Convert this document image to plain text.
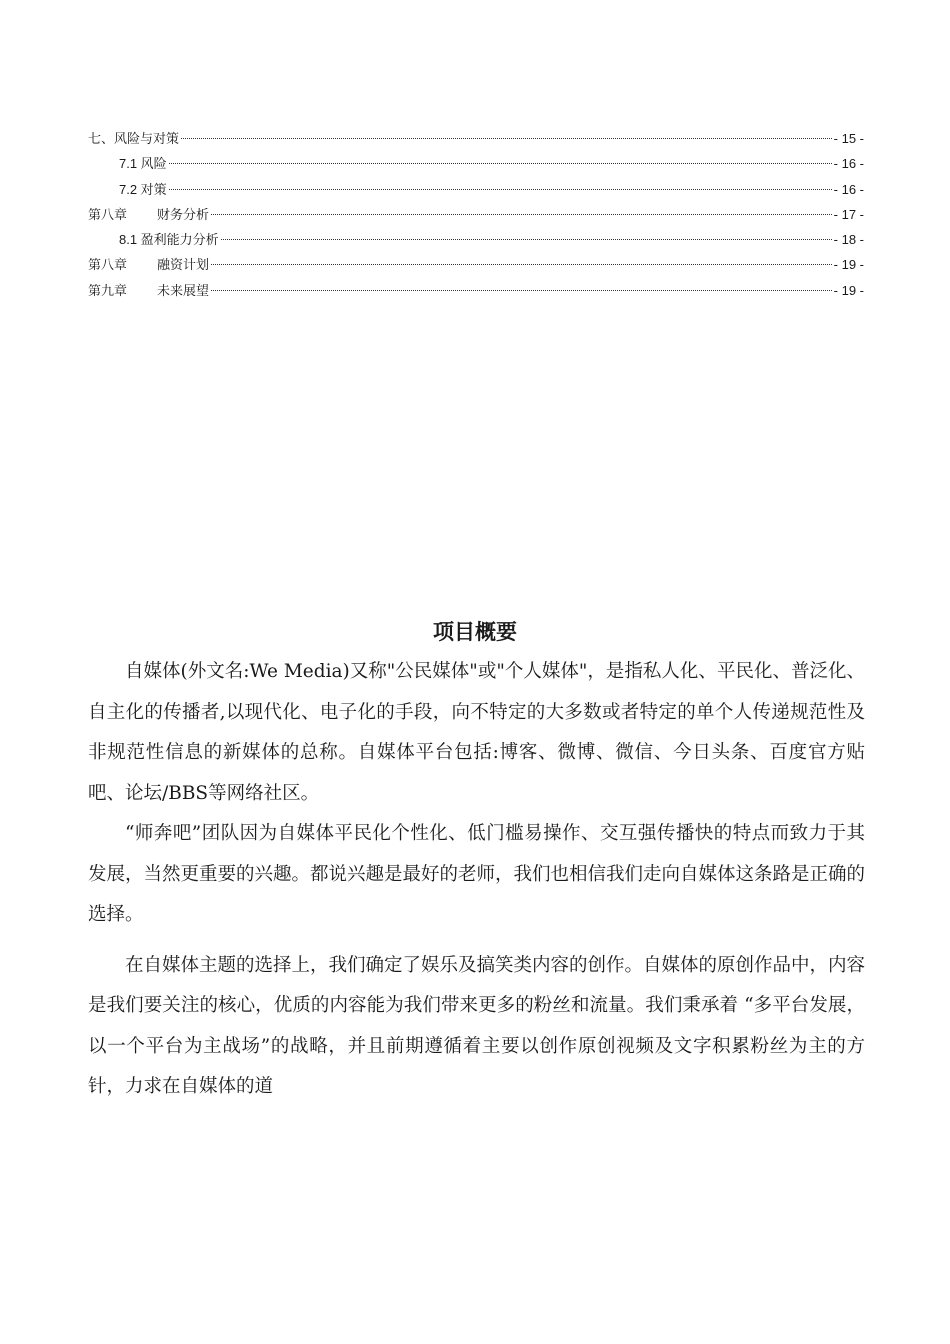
七、风险与对策	- 15 -
7.1 风险	- 16 -
7.2 对策	- 16 -
第八章 财务分析	- 17 -
8.1 盈利能力分析	- 18 -
第八章 融资计划	- 19 -
第九章 未来展望	- 19 -
项目概要

自媒体(外文名:We Media)又称"公民媒体"或"个人媒体"，是指私人化、平民化、普泛化、自主化的传播者,以现代化、电子化的手段，向不特定的大多数或者特定的单个人传递规范性及非规范性信息的新媒体的总称。自媒体平台包括:博客、微博、微信、今日头条、百度官方贴吧、论坛/BBS等网络社区。

“师奔吧”团队因为自媒体平民化个性化、低门槛易操作、交互强传播快的特点而致力于其发展，当然更重要的兴趣。都说兴趣是最好的老师，我们也相信我们走向自媒体这条路是正确的选择。

在自媒体主题的选择上，我们确定了娱乐及搞笑类内容的创作。自媒体的原创作品中，内容是我们要关注的核心，优质的内容能为我们带来更多的粉丝和流量。我们秉承着 “多平台发展，以一个平台为主战场”的战略，并且前期遵循着主要以创作原创视频及文字积累粉丝为主的方针，力求在自媒体的道
